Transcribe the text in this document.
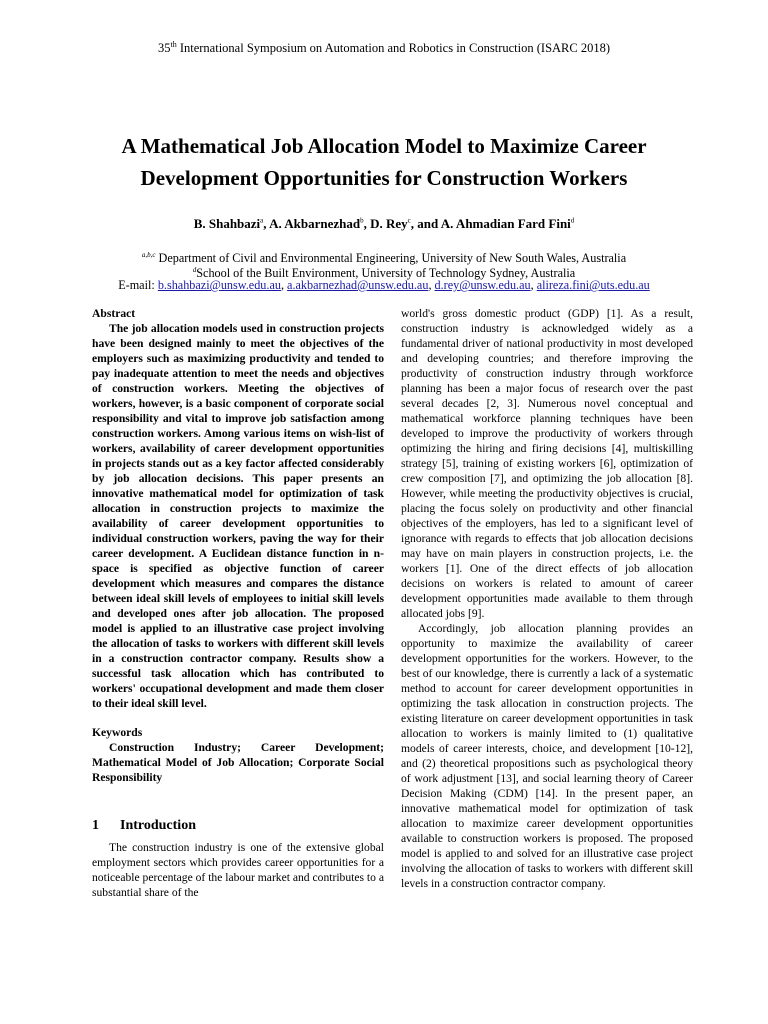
35th International Symposium on Automation and Robotics in Construction (ISARC 2018)
A Mathematical Job Allocation Model to Maximize Career
Development Opportunities for Construction Workers
B. Shahbazi$^a$, A. Akbarnezhad$^b$, D. Rey$^c$, and A. Ahmadian Fard Fini$^d$
$^{a,b,c}$ Department of Civil and Environmental Engineering, University of New South Wales, Australia
$^d$School of the Built Environment, University of Technology Sydney, Australia
E-mail: b.shahbazi@unsw.edu.au, a.akbarnezhad@unsw.edu.au, d.rey@unsw.edu.au, alireza.fini@uts.edu.au
Abstract

The job allocation models used in construction projects have been designed mainly to meet the objectives of the employers such as maximizing productivity and tended to pay inadequate attention to meet the needs and objectives of construction workers. Meeting the objectives of workers, however, is a basic component of corporate social responsibility and vital to improve job satisfaction among construction workers. Among various items on wish-list of workers, availability of career development opportunities in projects stands out as a key factor affected considerably by job allocation decisions. This paper presents an innovative mathematical model for optimization of task allocation in construction projects to maximize the availability of career development opportunities to individual construction workers, paving the way for their career development. A Euclidean distance function in n-space is specified as objective function of career development which measures and compares the distance between ideal skill levels of employees to initial skill levels and developed ones after job allocation. The proposed model is applied to an illustrative case project involving the allocation of tasks to workers with different skill levels in a construction contractor company. Results show a successful task allocation which has contributed to workers' occupational development and made them closer to their ideal skill level.

Keywords

Construction Industry; Career Development; Mathematical Model of Job Allocation; Corporate Social Responsibility

1 Introduction

The construction industry is one of the extensive global employment sectors which provides career opportunities for a noticeable percentage of the labour market and contributes to a substantial share of the

world's gross domestic product (GDP) [1]. As a result, construction industry is acknowledged widely as a fundamental driver of national productivity in most developed and developing countries; and therefore improving the productivity of construction industry through workforce planning has been a major focus of research over the past several decades [2, 3]. Numerous novel conceptual and mathematical workforce planning techniques have been developed to improve the productivity of workers through optimizing the hiring and firing decisions [4], multiskilling strategy [5], training of existing workers [6], optimization of crew composition [7], and optimizing the job allocation [8]. However, while meeting the productivity objectives is crucial, placing the focus solely on productivity and other financial objectives of the employers, has led to a significant level of ignorance with regards to effects that job allocation decisions may have on main players in construction projects, i.e. the workers [1]. One of the direct effects of job allocation decisions on workers is related to amount of career development opportunities made available to them through allocated jobs [9].

Accordingly, job allocation planning provides an opportunity to maximize the availability of career development opportunities for the workers. However, to the best of our knowledge, there is currently a lack of a systematic method to account for career development opportunities in optimizing the task allocation in construction projects. The existing literature on career development opportunities in task allocation to workers is mainly limited to (1) qualitative models of career interests, choice, and development [10-12], and (2) theoretical propositions such as psychological theory of work adjustment [13], and social learning theory of Career Decision Making (CDM) [14]. In the present paper, an innovative mathematical model for optimization of task allocation to maximize career development opportunities available to construction workers is proposed. The proposed model is applied to and solved for an illustrative case project involving the allocation of tasks to workers with different skill levels in a construction contractor company.
